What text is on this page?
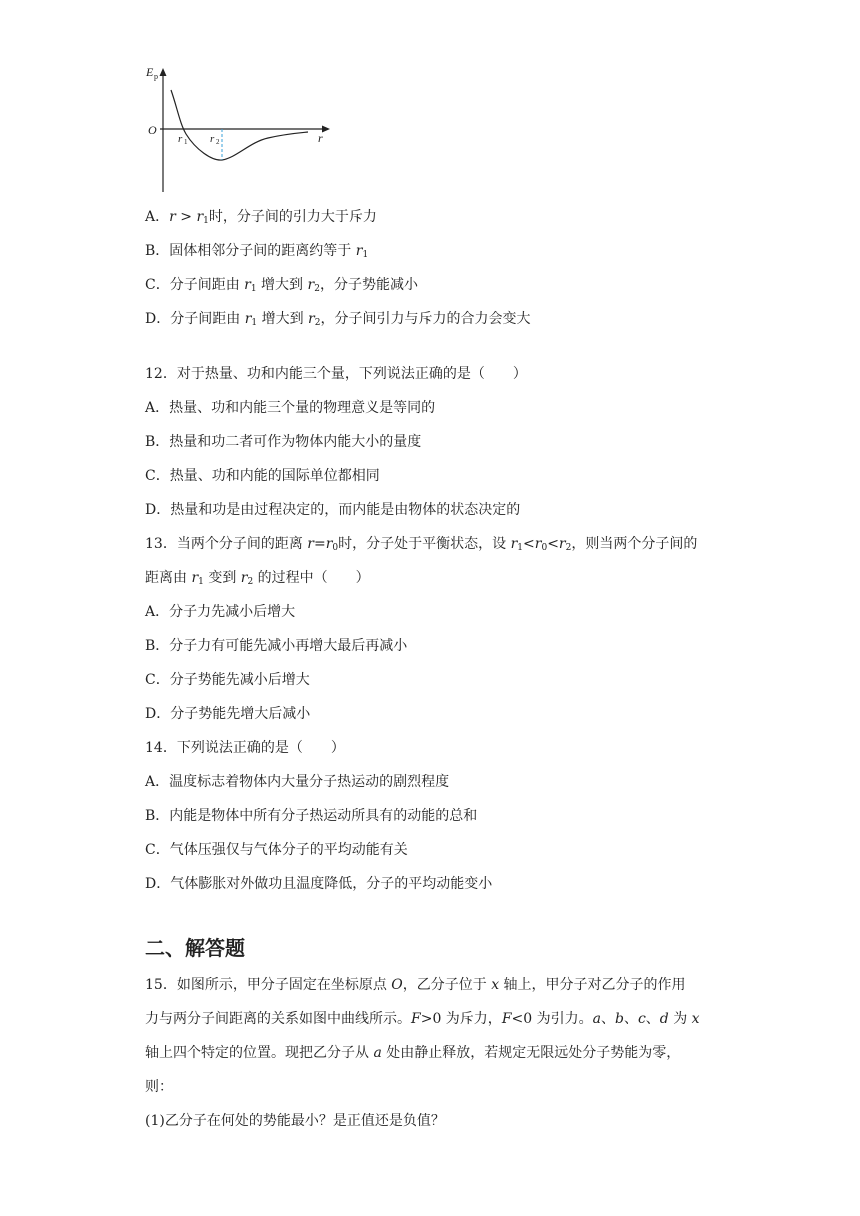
E p
O
r
r 1 r 2
A．$r > r_1$时，分子间的引力大于斥力
B．固体相邻分子间的距离约等于 $r_1$
C．分子间距由 $r_1$ 增大到 $r_2$，分子势能减小
D．分子间距由 $r_1$ 增大到 $r_2$，分子间引力与斥力的合力会变大
12．对于热量、功和内能三个量，下列说法正确的是（　　）
A．热量、功和内能三个量的物理意义是等同的
B．热量和功二者可作为物体内能大小的量度
C．热量、功和内能的国际单位都相同
D．热量和功是由过程决定的，而内能是由物体的状态决定的
13．当两个分子间的距离 $r=r_0$时，分子处于平衡状态，设 $r_1<r_0<r_2$，则当两个分子间的
距离由 $r_1$ 变到 $r_2$ 的过程中（　　）
A．分子力先减小后增大
B．分子力有可能先减小再增大最后再减小
C．分子势能先减小后增大
D．分子势能先增大后减小
14．下列说法正确的是（　　）
A．温度标志着物体内大量分子热运动的剧烈程度
B．内能是物体中所有分子热运动所具有的动能的总和
C．气体压强仅与气体分子的平均动能有关
D．气体膨胀对外做功且温度降低，分子的平均动能变小
二、解答题
15．如图所示，甲分子固定在坐标原点 O，乙分子位于 x 轴上，甲分子对乙分子的作用
力与两分子间距离的关系如图中曲线所示。F>0 为斥力，F<0 为引力。a、b、c、d 为 x
轴上四个特定的位置。现把乙分子从 a 处由静止释放，若规定无限远处分子势能为零，
则：
(1)乙分子在何处的势能最小？是正值还是负值？
